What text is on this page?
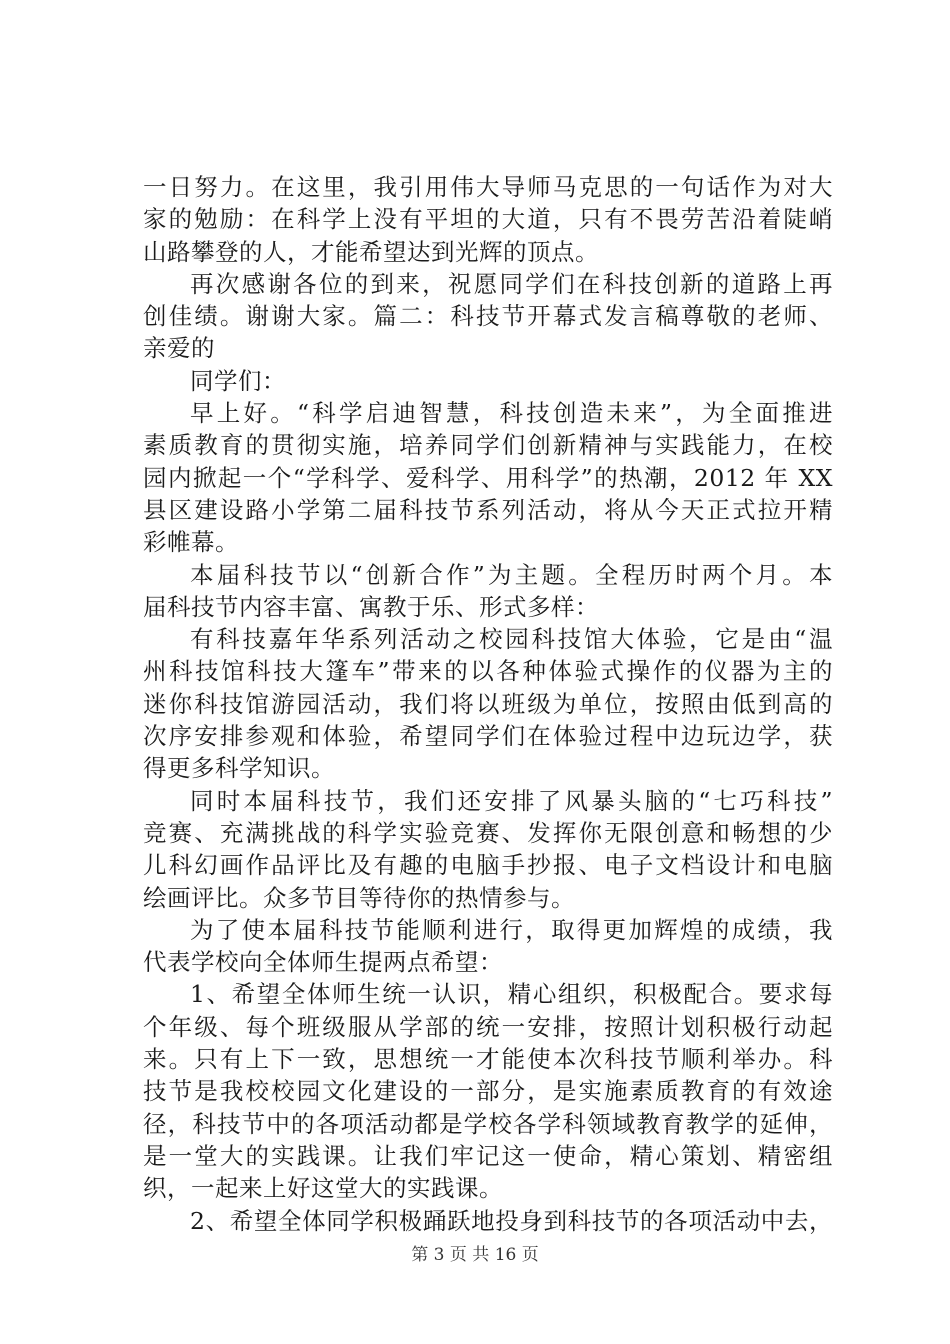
一日努力。在这里，我引用伟大导师马克思的一句话作为对大
家的勉励：在科学上没有平坦的大道，只有不畏劳苦沿着陡峭
山路攀登的人，才能希望达到光辉的顶点。
再次感谢各位的到来，祝愿同学们在科技创新的道路上再
创佳绩。谢谢大家。篇二：科技节开幕式发言稿尊敬的老师、
亲爱的
同学们：
早上好。“科学启迪智慧，科技创造未来”，为全面推进
素质教育的贯彻实施，培养同学们创新精神与实践能力，在校
园内掀起一个“学科学、爱科学、用科学”的热潮，2012 年 XX
县区建设路小学第二届科技节系列活动，将从今天正式拉开精
彩帷幕。
本届科技节以“创新合作”为主题。全程历时两个月。本
届科技节内容丰富、寓教于乐、形式多样：
有科技嘉年华系列活动之校园科技馆大体验，它是由“温
州科技馆科技大篷车”带来的以各种体验式操作的仪器为主的
迷你科技馆游园活动，我们将以班级为单位，按照由低到高的
次序安排参观和体验，希望同学们在体验过程中边玩边学，获
得更多科学知识。
同时本届科技节，我们还安排了风暴头脑的“七巧科技”
竞赛、充满挑战的科学实验竞赛、发挥你无限创意和畅想的少
儿科幻画作品评比及有趣的电脑手抄报、电子文档设计和电脑
绘画评比。众多节目等待你的热情参与。
为了使本届科技节能顺利进行，取得更加辉煌的成绩，我
代表学校向全体师生提两点希望：
1、希望全体师生统一认识，精心组织，积极配合。要求每
个年级、每个班级服从学部的统一安排，按照计划积极行动起
来。只有上下一致，思想统一才能使本次科技节顺利举办。科
技节是我校校园文化建设的一部分，是实施素质教育的有效途
径，科技节中的各项活动都是学校各学科领域教育教学的延伸，
是一堂大的实践课。让我们牢记这一使命，精心策划、精密组
织，一起来上好这堂大的实践课。
2、希望全体同学积极踊跃地投身到科技节的各项活动中去，
第 3 页 共 16 页
